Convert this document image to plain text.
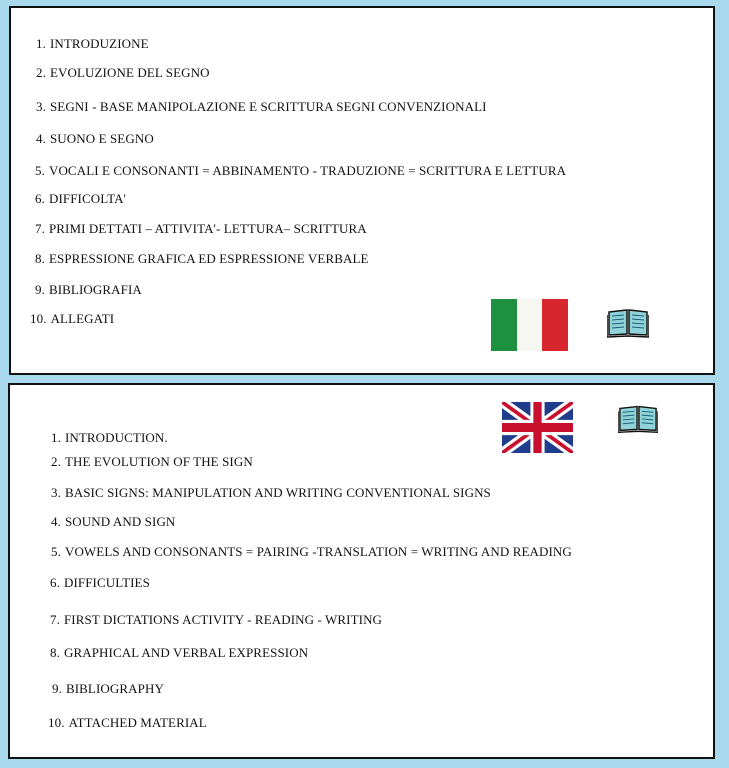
1. INTRODUZIONE
2. EVOLUZIONE DEL SEGNO
3. SEGNI - BASE MANIPOLAZIONE E SCRITTURA SEGNI CONVENZIONALI
4. SUONO E SEGNO
5. VOCALI E CONSONANTI = ABBINAMENTO - TRADUZIONE = SCRITTURA E LETTURA
6. DIFFICOLTA'
7. PRIMI DETTATI – ATTIVITA'- LETTURA– SCRITTURA
8. ESPRESSIONE GRAFICA ED ESPRESSIONE VERBALE
9. BIBLIOGRAFIA
10. ALLEGATI
1. INTRODUCTION.
2. THE EVOLUTION OF THE SIGN
3. BASIC SIGNS: MANIPULATION AND WRITING CONVENTIONAL SIGNS
4. SOUND AND SIGN
5. VOWELS AND CONSONANTS = PAIRING -TRANSLATION = WRITING AND READING
6. DIFFICULTIES
7. FIRST DICTATIONS ACTIVITY - READING - WRITING
8. GRAPHICAL AND VERBAL EXPRESSION
9. BIBLIOGRAPHY
10. ATTACHED MATERIAL
